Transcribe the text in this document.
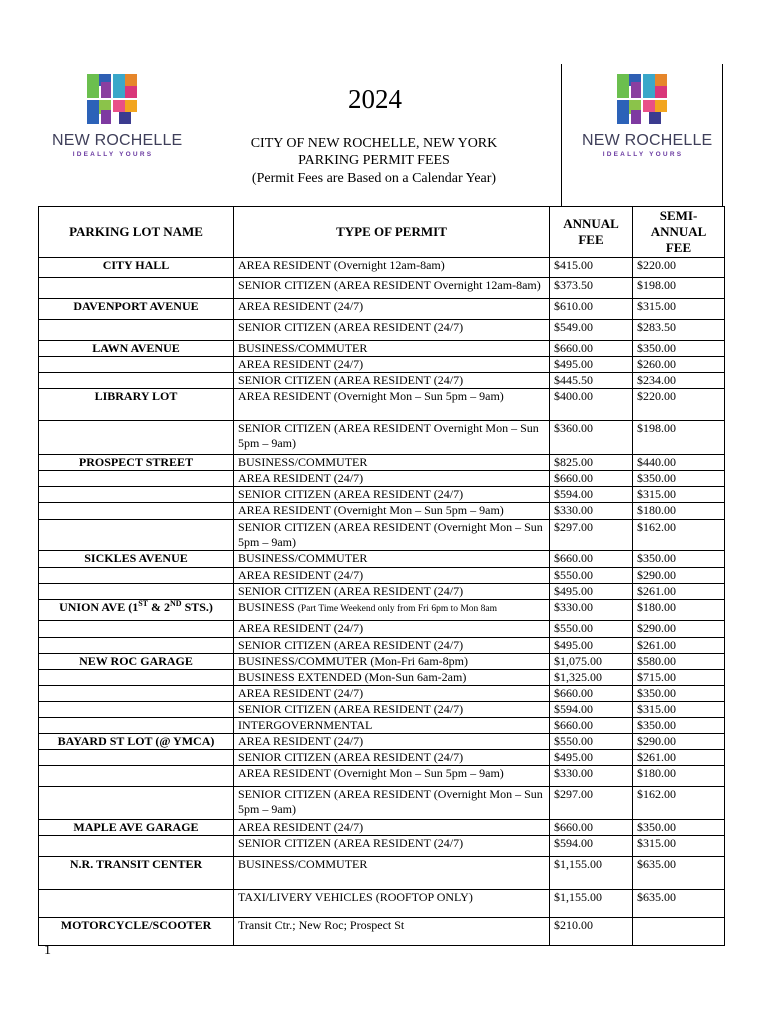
NEW ROCHELLE
IDEALLY YOURS
NEW ROCHELLE
IDEALLY YOURS
2024
CITY OF NEW ROCHELLE, NEW YORK
PARKING PERMIT FEES
(Permit Fees are Based on a Calendar Year)
PARKING LOT NAME	TYPE OF PERMIT	ANNUAL FEE	SEMI-ANNUAL FEE
CITY HALL	AREA RESIDENT (Overnight 12am-8am)	$415.00	$220.00
	SENIOR CITIZEN (AREA RESIDENT Overnight 12am-8am)	$373.50	$198.00
DAVENPORT AVENUE	AREA RESIDENT (24/7)	$610.00	$315.00
	SENIOR CITIZEN (AREA RESIDENT (24/7)	$549.00	$283.50
LAWN AVENUE	BUSINESS/COMMUTER	$660.00	$350.00
	AREA RESIDENT (24/7)	$495.00	$260.00
	SENIOR CITIZEN (AREA RESIDENT (24/7)	$445.50	$234.00
LIBRARY LOT	AREA RESIDENT (Overnight Mon – Sun 5pm – 9am)	$400.00	$220.00
	SENIOR CITIZEN (AREA RESIDENT Overnight Mon – Sun 5pm – 9am)	$360.00	$198.00
PROSPECT STREET	BUSINESS/COMMUTER	$825.00	$440.00
	AREA RESIDENT (24/7)	$660.00	$350.00
	SENIOR CITIZEN (AREA RESIDENT (24/7)	$594.00	$315.00
	AREA RESIDENT (Overnight Mon – Sun 5pm – 9am)	$330.00	$180.00
	SENIOR CITIZEN (AREA RESIDENT (Overnight Mon – Sun 5pm – 9am)	$297.00	$162.00
SICKLES AVENUE	BUSINESS/COMMUTER	$660.00	$350.00
	AREA RESIDENT (24/7)	$550.00	$290.00
	SENIOR CITIZEN (AREA RESIDENT (24/7)	$495.00	$261.00
UNION AVE (1ST & 2ND STS.)	BUSINESS (Part Time Weekend only from Fri 6pm to Mon 8am	$330.00	$180.00
	AREA RESIDENT (24/7)	$550.00	$290.00
	SENIOR CITIZEN (AREA RESIDENT (24/7)	$495.00	$261.00
NEW ROC GARAGE	BUSINESS/COMMUTER (Mon-Fri 6am-8pm)	$1,075.00	$580.00
	BUSINESS EXTENDED (Mon-Sun 6am-2am)	$1,325.00	$715.00
	AREA RESIDENT (24/7)	$660.00	$350.00
	SENIOR CITIZEN (AREA RESIDENT (24/7)	$594.00	$315.00
	INTERGOVERNMENTAL	$660.00	$350.00
BAYARD ST LOT (@ YMCA)	AREA RESIDENT (24/7)	$550.00	$290.00
	SENIOR CITIZEN (AREA RESIDENT (24/7)	$495.00	$261.00
	AREA RESIDENT (Overnight Mon – Sun 5pm – 9am)	$330.00	$180.00
	SENIOR CITIZEN (AREA RESIDENT (Overnight Mon – Sun 5pm – 9am)	$297.00	$162.00
MAPLE AVE GARAGE	AREA RESIDENT (24/7)	$660.00	$350.00
	SENIOR CITIZEN (AREA RESIDENT (24/7)	$594.00	$315.00
N.R. TRANSIT CENTER	BUSINESS/COMMUTER	$1,155.00	$635.00
	TAXI/LIVERY VEHICLES (ROOFTOP ONLY)	$1,155.00	$635.00
MOTORCYCLE/SCOOTER	Transit Ctr.; New Roc; Prospect St	$210.00	
1
